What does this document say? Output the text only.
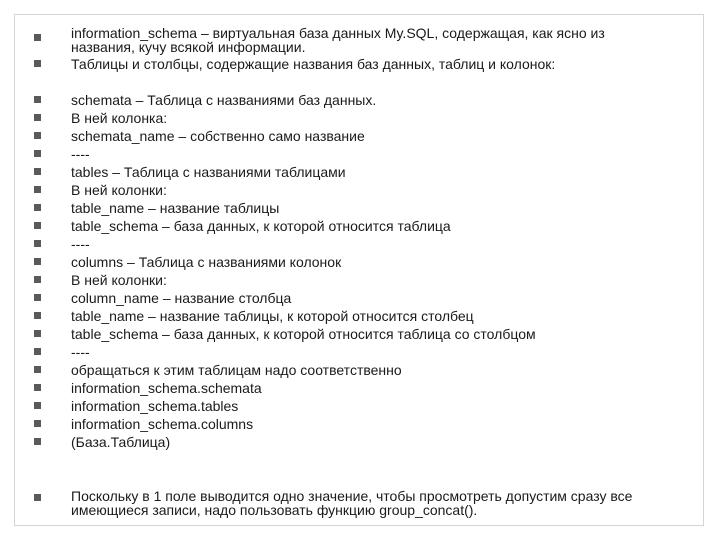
information_schema – виртуальная база данных My.SQL, содержащая, как ясно из
названия, кучу всякой информации.
Таблицы и столбцы, содержащие названия баз данных, таблиц и колонок:
schemata – Таблица с названиями баз данных.
В ней колонка:
schemata_name – собственно само название
----
tables – Таблица с названиями таблицами
В ней колонки:
table_name – название таблицы
table_schema – база данных, к которой относится таблица
----
columns – Таблица с названиями колонок
В ней колонки:
column_name – название столбца
table_name – название таблицы, к которой относится столбец
table_schema – база данных, к которой относится таблица со столбцом
----
обращаться к этим таблицам надо соответственно
information_schema.schemata
information_schema.tables
information_schema.columns
(База.Таблица)
Поскольку в 1 поле выводится одно значение, чтобы просмотреть допустим сразу все
имеющиеся записи, надо пользовать функцию group_concat().
